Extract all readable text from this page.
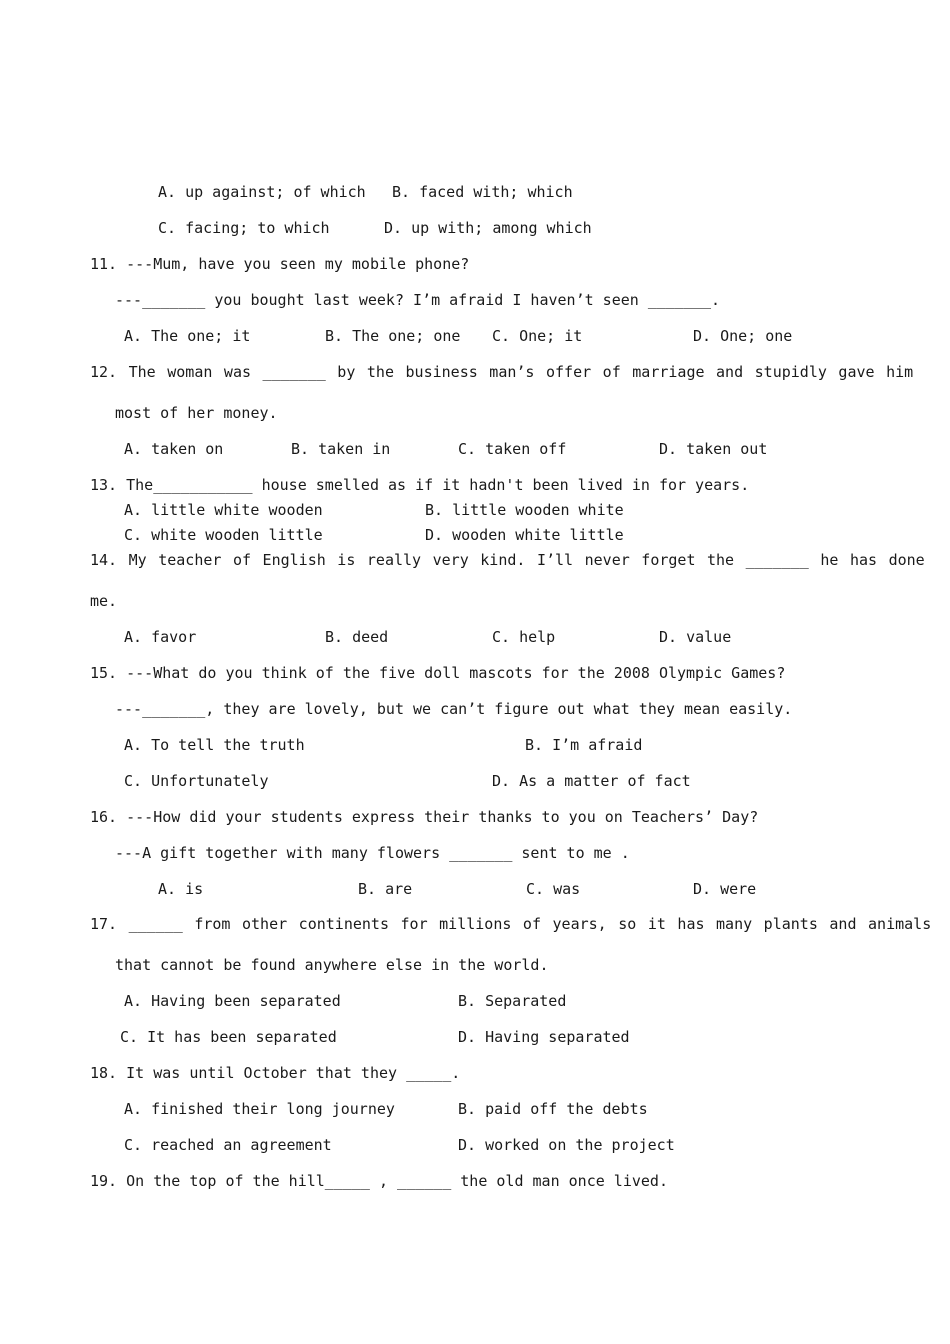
A. up against; of which B. faced with; which
C. facing; to which	D. up with; among which
11. ---Mum, have you seen my mobile phone?
---_______ you bought last week? I’m afraid I haven’t seen _______.
A. The one; it	B. The one; one C. One; it	D. One; one
12. The woman was _______ by the business man’s offer of marriage and stupidly gave him
most of her money.
A. taken on	B. taken in	C. taken off	D. taken out
13. The___________ house smelled as if it hadn't been lived in for years.
A. little white wooden	B. little wooden white
C. white wooden little	D. wooden white little
14. My teacher of English is really very kind. I’ll never forget the _______ he has done
me.
A. favor	B. deed	C. help	D. value
15. ---What do you think of the five doll mascots for the 2008 Olympic Games?
---_______, they are lovely, but we can’t figure out what they mean easily.
A. To tell the truth	B. I’m afraid
C. Unfortunately	D. As a matter of fact
16. ---How did your students express their thanks to you on Teachers’ Day?
---A gift together with many flowers _______ sent to me .
A. is	B. are	C. was	D. were
17. ______ from other continents for millions of years, so it has many plants and animals
that cannot be found anywhere else in the world.
A. Having been separated	B. Separated
C. It has been separated	D. Having separated
18. It was until October that they _____.
A. finished their long journey	B. paid off the debts
C. reached an agreement	D. worked on the project
19. On the top of the hill_____ , ______ the old man once lived.
